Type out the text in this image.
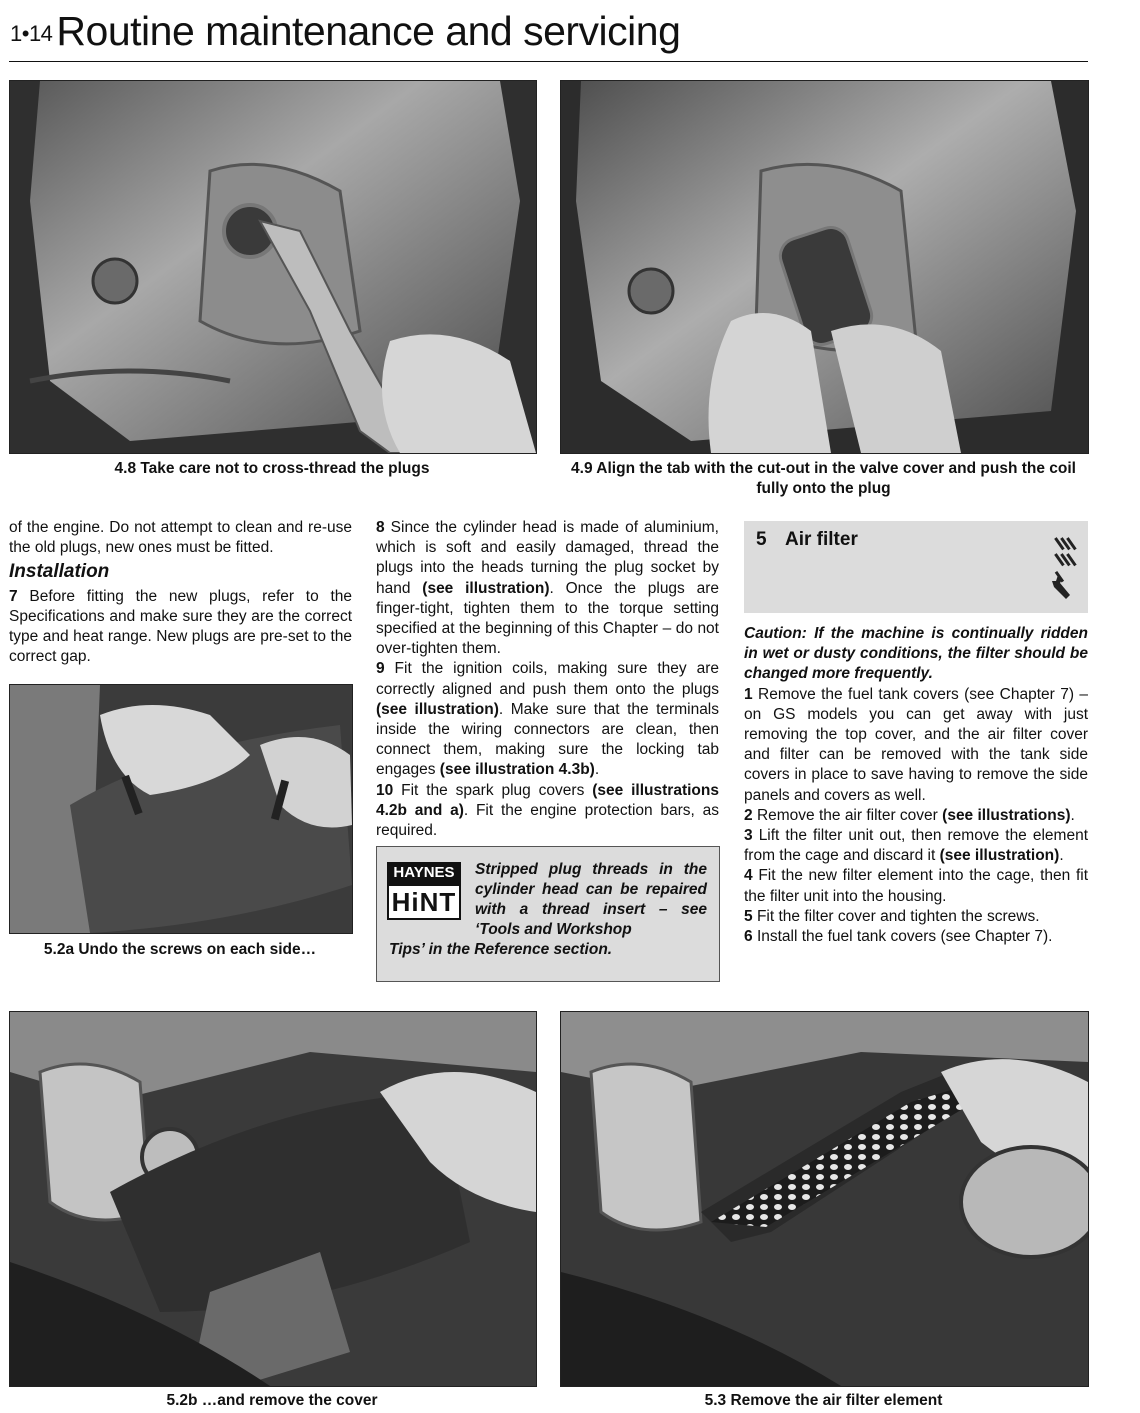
1•14Routine maintenance and servicing
4.8 Take care not to cross-thread the plugs	4.9 Align the tab with the cut-out in the valve cover and push the coil fully onto the plug

of the engine. Do not attempt to clean and re-use the old plugs, new ones must be fitted.

Installation

7 Before fitting the new plugs, refer to the Specifications and make sure they are the correct type and heat range. New plugs are pre-set to the correct gap.

5.2a Undo the screws on each side…

8 Since the cylinder head is made of aluminium, which is soft and easily damaged, thread the plugs into the heads turning the plug socket by hand (see illustration). Once the plugs are finger-tight, tighten them to the torque setting specified at the beginning of this Chapter – do not over-tighten them.

9 Fit the ignition coils, making sure they are correctly aligned and push them onto the plugs (see illustration). Make sure that the terminals inside the wiring connectors are clean, then connect them, making sure the locking tab engages (see illustration 4.3b).

10 Fit the spark plug covers (see illustrations 4.2b and a). Fit the engine protection bars, as required.

HAYNES
HiNT
Stripped plug threads in the cylinder head can be repaired with a thread insert – see ‘Tools and Workshop
Tips’ in the Reference section.
5 Air filter

Caution: If the machine is continually ridden in wet or dusty conditions, the filter should be changed more frequently.

1 Remove the fuel tank covers (see Chapter 7) – on GS models you can get away with just removing the top cover, and the air filter cover and filter can be removed with the tank side covers in place to save having to remove the side panels and covers as well.

2 Remove the air filter cover (see illustrations).

3 Lift the filter unit out, then remove the element from the cage and discard it (see illustration).

4 Fit the new filter element into the cage, then fit the filter unit into the housing.

5 Fit the filter cover and tighten the screws.

6 Install the fuel tank covers (see Chapter 7).

5.2b …and remove the cover	5.3 Remove the air filter element
